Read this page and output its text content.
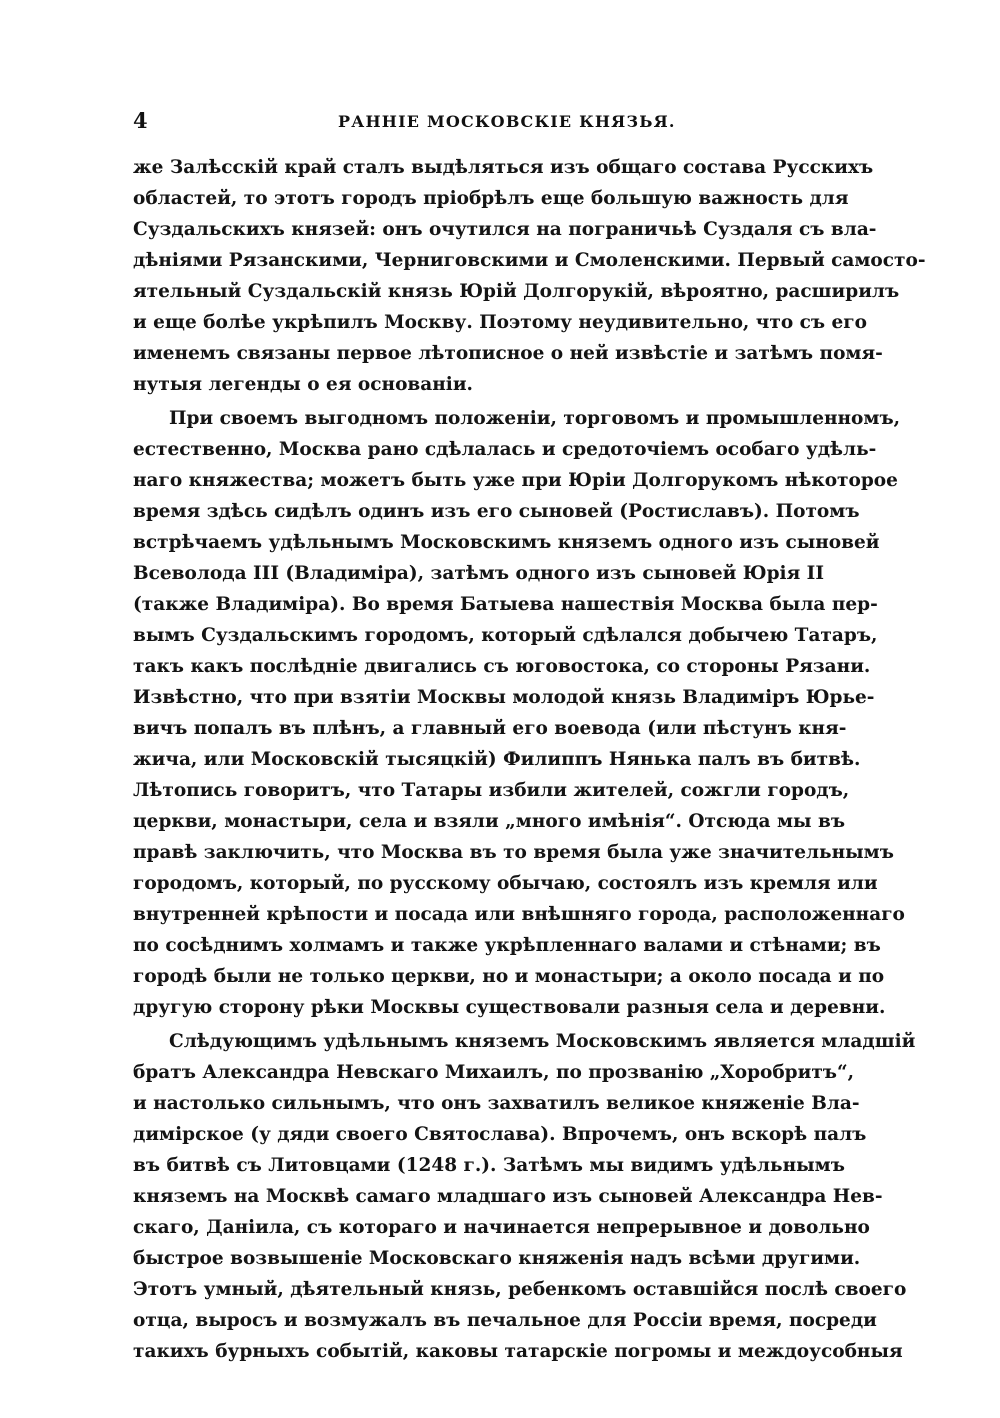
4	РАННІЕ МОСКОВСКІЕ КНЯЗЬЯ.
же Залѣсскій край сталъ выдѣляться изъ общаго состава Русскихъ
областей, то этотъ городъ пріобрѣлъ еще большую важность для
Суздальскихъ князей: онъ очутился на пограничьѣ Суздаля съ вла-
дѣніями Рязанскими, Черниговскими и Смоленскими. Первый самосто-
ятельный Суздальскій князь Юрій Долгорукій, вѣроятно, расширилъ
и еще болѣе укрѣпилъ Москву. Поэтому неудивительно, что съ его
именемъ связаны первое лѣтописное о ней извѣстіе и затѣмъ помя-
нутыя легенды о ея основаніи.
При своемъ выгодномъ положеніи, торговомъ и промышленномъ,
естественно, Москва рано сдѣлалась и средоточіемъ особаго удѣль-
наго княжества; можетъ быть уже при Юріи Долгорукомъ нѣкоторое
время здѣсь сидѣлъ одинъ изъ его сыновей (Ростиславъ). Потомъ
встрѣчаемъ удѣльнымъ Московскимъ княземъ одного изъ сыновей
Всеволода III (Владиміра), затѣмъ одного изъ сыновей Юрія II
(также Владиміра). Во время Батыева нашествія Москва была пер-
вымъ Суздальскимъ городомъ, который сдѣлался добычею Татаръ,
такъ какъ послѣдніе двигались съ юговостока, со стороны Рязани.
Извѣстно, что при взятіи Москвы молодой князь Владиміръ Юрье-
вичъ попалъ въ плѣнъ, а главный его воевода (или пѣстунъ кня-
жича, или Московскій тысяцкій) Филиппъ Нянька палъ въ битвѣ.
Лѣтопись говоритъ, что Татары избили жителей, сожгли городъ,
церкви, монастыри, села и взяли „много имѣнія“. Отсюда мы въ
правѣ заключить, что Москва въ то время была уже значительнымъ
городомъ, который, по русскому обычаю, состоялъ изъ кремля или
внутренней крѣпости и посада или внѣшняго города, расположеннаго
по сосѣднимъ холмамъ и также укрѣпленнаго валами и стѣнами; въ
городѣ были не только церкви, но и монастыри; а около посада и по
другую сторону рѣки Москвы существовали разныя села и деревни.
Слѣдующимъ удѣльнымъ княземъ Московскимъ является младшій
братъ Александра Невскаго Михаилъ, по прозванію „Хоробритъ“,
и настолько сильнымъ, что онъ захватилъ великое княженіе Вла-
димірское (у дяди своего Святослава). Впрочемъ, онъ вскорѣ палъ
въ битвѣ съ Литовцами (1248 г.). Затѣмъ мы видимъ удѣльнымъ
княземъ на Москвѣ самаго младшаго изъ сыновей Александра Нев-
скаго, Даніила, съ котораго и начинается непрерывное и довольно
быстрое возвышеніе Московскаго княженія надъ всѣми другими.
Этотъ умный, дѣятельный князь, ребенкомъ оставшійся послѣ своего
отца, выросъ и возмужалъ въ печальное для Россіи время, посреди
такихъ бурныхъ событій, каковы татарскіе погромы и междоусобныя
